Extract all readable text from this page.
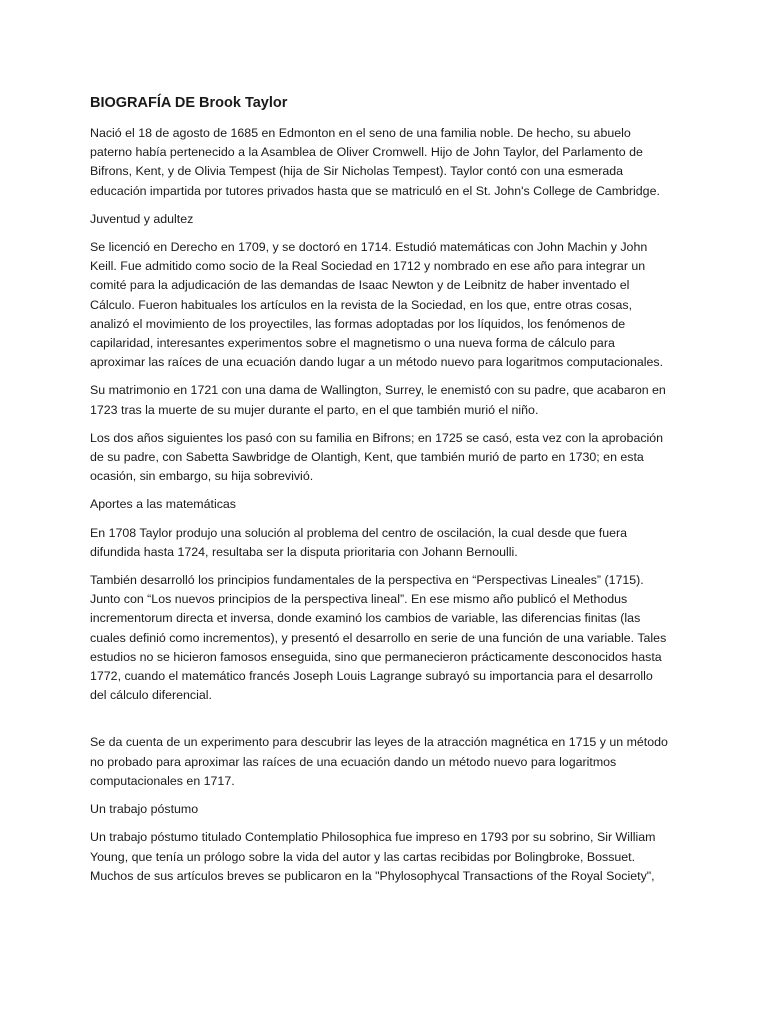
BIOGRAFÍA DE Brook Taylor
Nació el 18 de agosto de 1685 en Edmonton en el seno de una familia noble. De hecho, su abuelo paterno había pertenecido a la Asamblea de Oliver Cromwell. Hijo de John Taylor, del Parlamento de Bifrons, Kent, y de Olivia Tempest (hija de Sir Nicholas Tempest). Taylor contó con una esmerada educación impartida por tutores privados hasta que se matriculó en el St. John's College de Cambridge.
Juventud y adultez
Se licenció en Derecho en 1709, y se doctoró en 1714. Estudió matemáticas con John Machin y John Keill. Fue admitido como socio de la Real Sociedad en 1712 y nombrado en ese año para integrar un comité para la adjudicación de las demandas de Isaac Newton y de Leibnitz de haber inventado el Cálculo. Fueron habituales los artículos en la revista de la Sociedad, en los que, entre otras cosas, analizó el movimiento de los proyectiles, las formas adoptadas por los líquidos, los fenómenos de capilaridad, interesantes experimentos sobre el magnetismo o una nueva forma de cálculo para aproximar las raíces de una ecuación dando lugar a un método nuevo para logaritmos computacionales.
Su matrimonio en 1721 con una dama de Wallington, Surrey, le enemistó con su padre, que acabaron en 1723 tras la muerte de su mujer durante el parto, en el que también murió el niño.
Los dos años siguientes los pasó con su familia en Bifrons; en 1725 se casó, esta vez con la aprobación de su padre, con Sabetta Sawbridge de Olantigh, Kent, que también murió de parto en 1730; en esta ocasión, sin embargo, su hija sobrevivió.
Aportes a las matemáticas
En 1708 Taylor produjo una solución al problema del centro de oscilación, la cual desde que fuera difundida hasta 1724, resultaba ser la disputa prioritaria con Johann Bernoulli.
También desarrolló los principios fundamentales de la perspectiva en “Perspectivas Lineales” (1715). Junto con “Los nuevos principios de la perspectiva lineal”. En ese mismo año publicó el Methodus incrementorum directa et inversa, donde examinó los cambios de variable, las diferencias finitas (las cuales definió como incrementos), y presentó el desarrollo en serie de una función de una variable. Tales estudios no se hicieron famosos enseguida, sino que permanecieron prácticamente desconocidos hasta 1772, cuando el matemático francés Joseph Louis Lagrange subrayó su importancia para el desarrollo del cálculo diferencial.
Se da cuenta de un experimento para descubrir las leyes de la atracción magnética en 1715 y un método no probado para aproximar las raíces de una ecuación dando un método nuevo para logaritmos computacionales en 1717.
Un trabajo póstumo
Un trabajo póstumo titulado Contemplatio Philosophica fue impreso en 1793 por su sobrino, Sir William Young, que tenía un prólogo sobre la vida del autor y las cartas recibidas por Bolingbroke, Bossuet. Muchos de sus artículos breves se publicaron en la "Phylosophycal Transactions of the Royal Society",
